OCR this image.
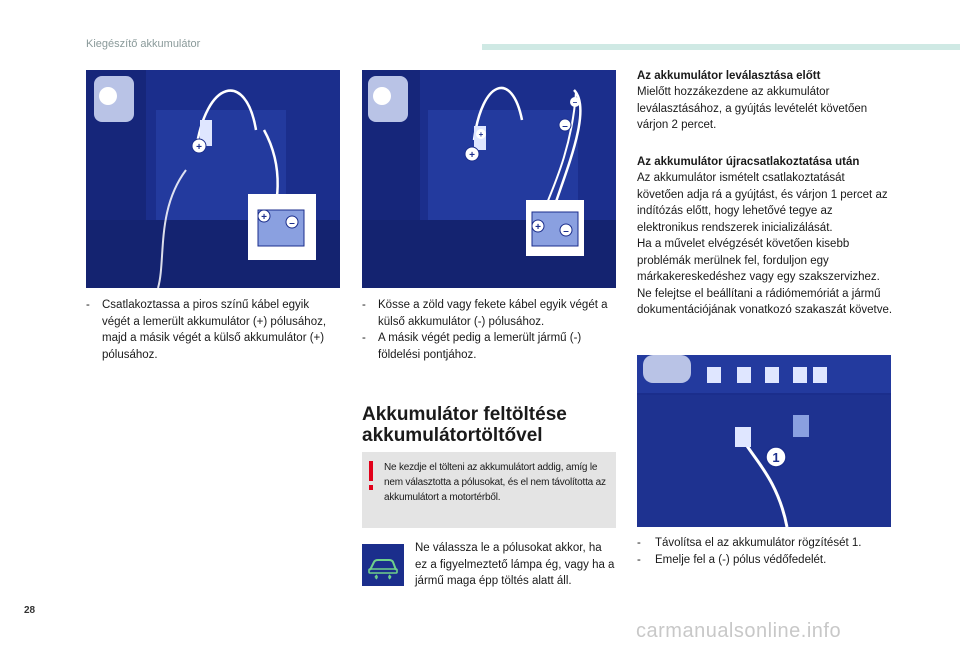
Kiegészítő akkumulátor
+
+
–
+
+
–
–
+ –
- Csatlakoztassa a piros színű kábel egyik végét a lemerült akkumulátor (+) pólusához, majd a másik végét a külső akkumulátor (+) pólusához.
- Kösse a zöld vagy fekete kábel egyik végét a külső akkumulátor (-) pólusához.
- A másik végét pedig a lemerült jármű (-) földelési pontjához.
Akkumulátor feltöltése akkumulátortöltővel
Ne kezdje el tölteni az akkumulátort addig, amíg le nem választotta a pólusokat, és el nem távolította az akkumulátort a motortérből.
Ne válassza le a pólusokat akkor, ha ez a figyelmeztető lámpa ég, vagy ha a jármű maga épp töltés alatt áll.
Az akkumulátor leválasztása előtt
Mielőtt hozzákezdene az akkumulátor leválasztásához, a gyújtás levételét követően várjon 2 percet.
Az akkumulátor újracsatlakoztatása után
Az akkumulátor ismételt csatlakoztatását követően adja rá a gyújtást, és várjon 1 percet az indítózás előtt, hogy lehetővé tegye az elektronikus rendszerek inicializálását.
Ha a művelet elvégzését követően kisebb problémák merülnek fel, forduljon egy márkakereskedéshez vagy egy szakszervizhez.
Ne felejtse el beállítani a rádiómemóriát a jármű dokumentációjának vonatkozó szakaszát követve.
1
- Távolítsa el az akkumulátor rögzítését 1.
- Emelje fel a (-) pólus védőfedelét.
28
carmanualsonline.info
